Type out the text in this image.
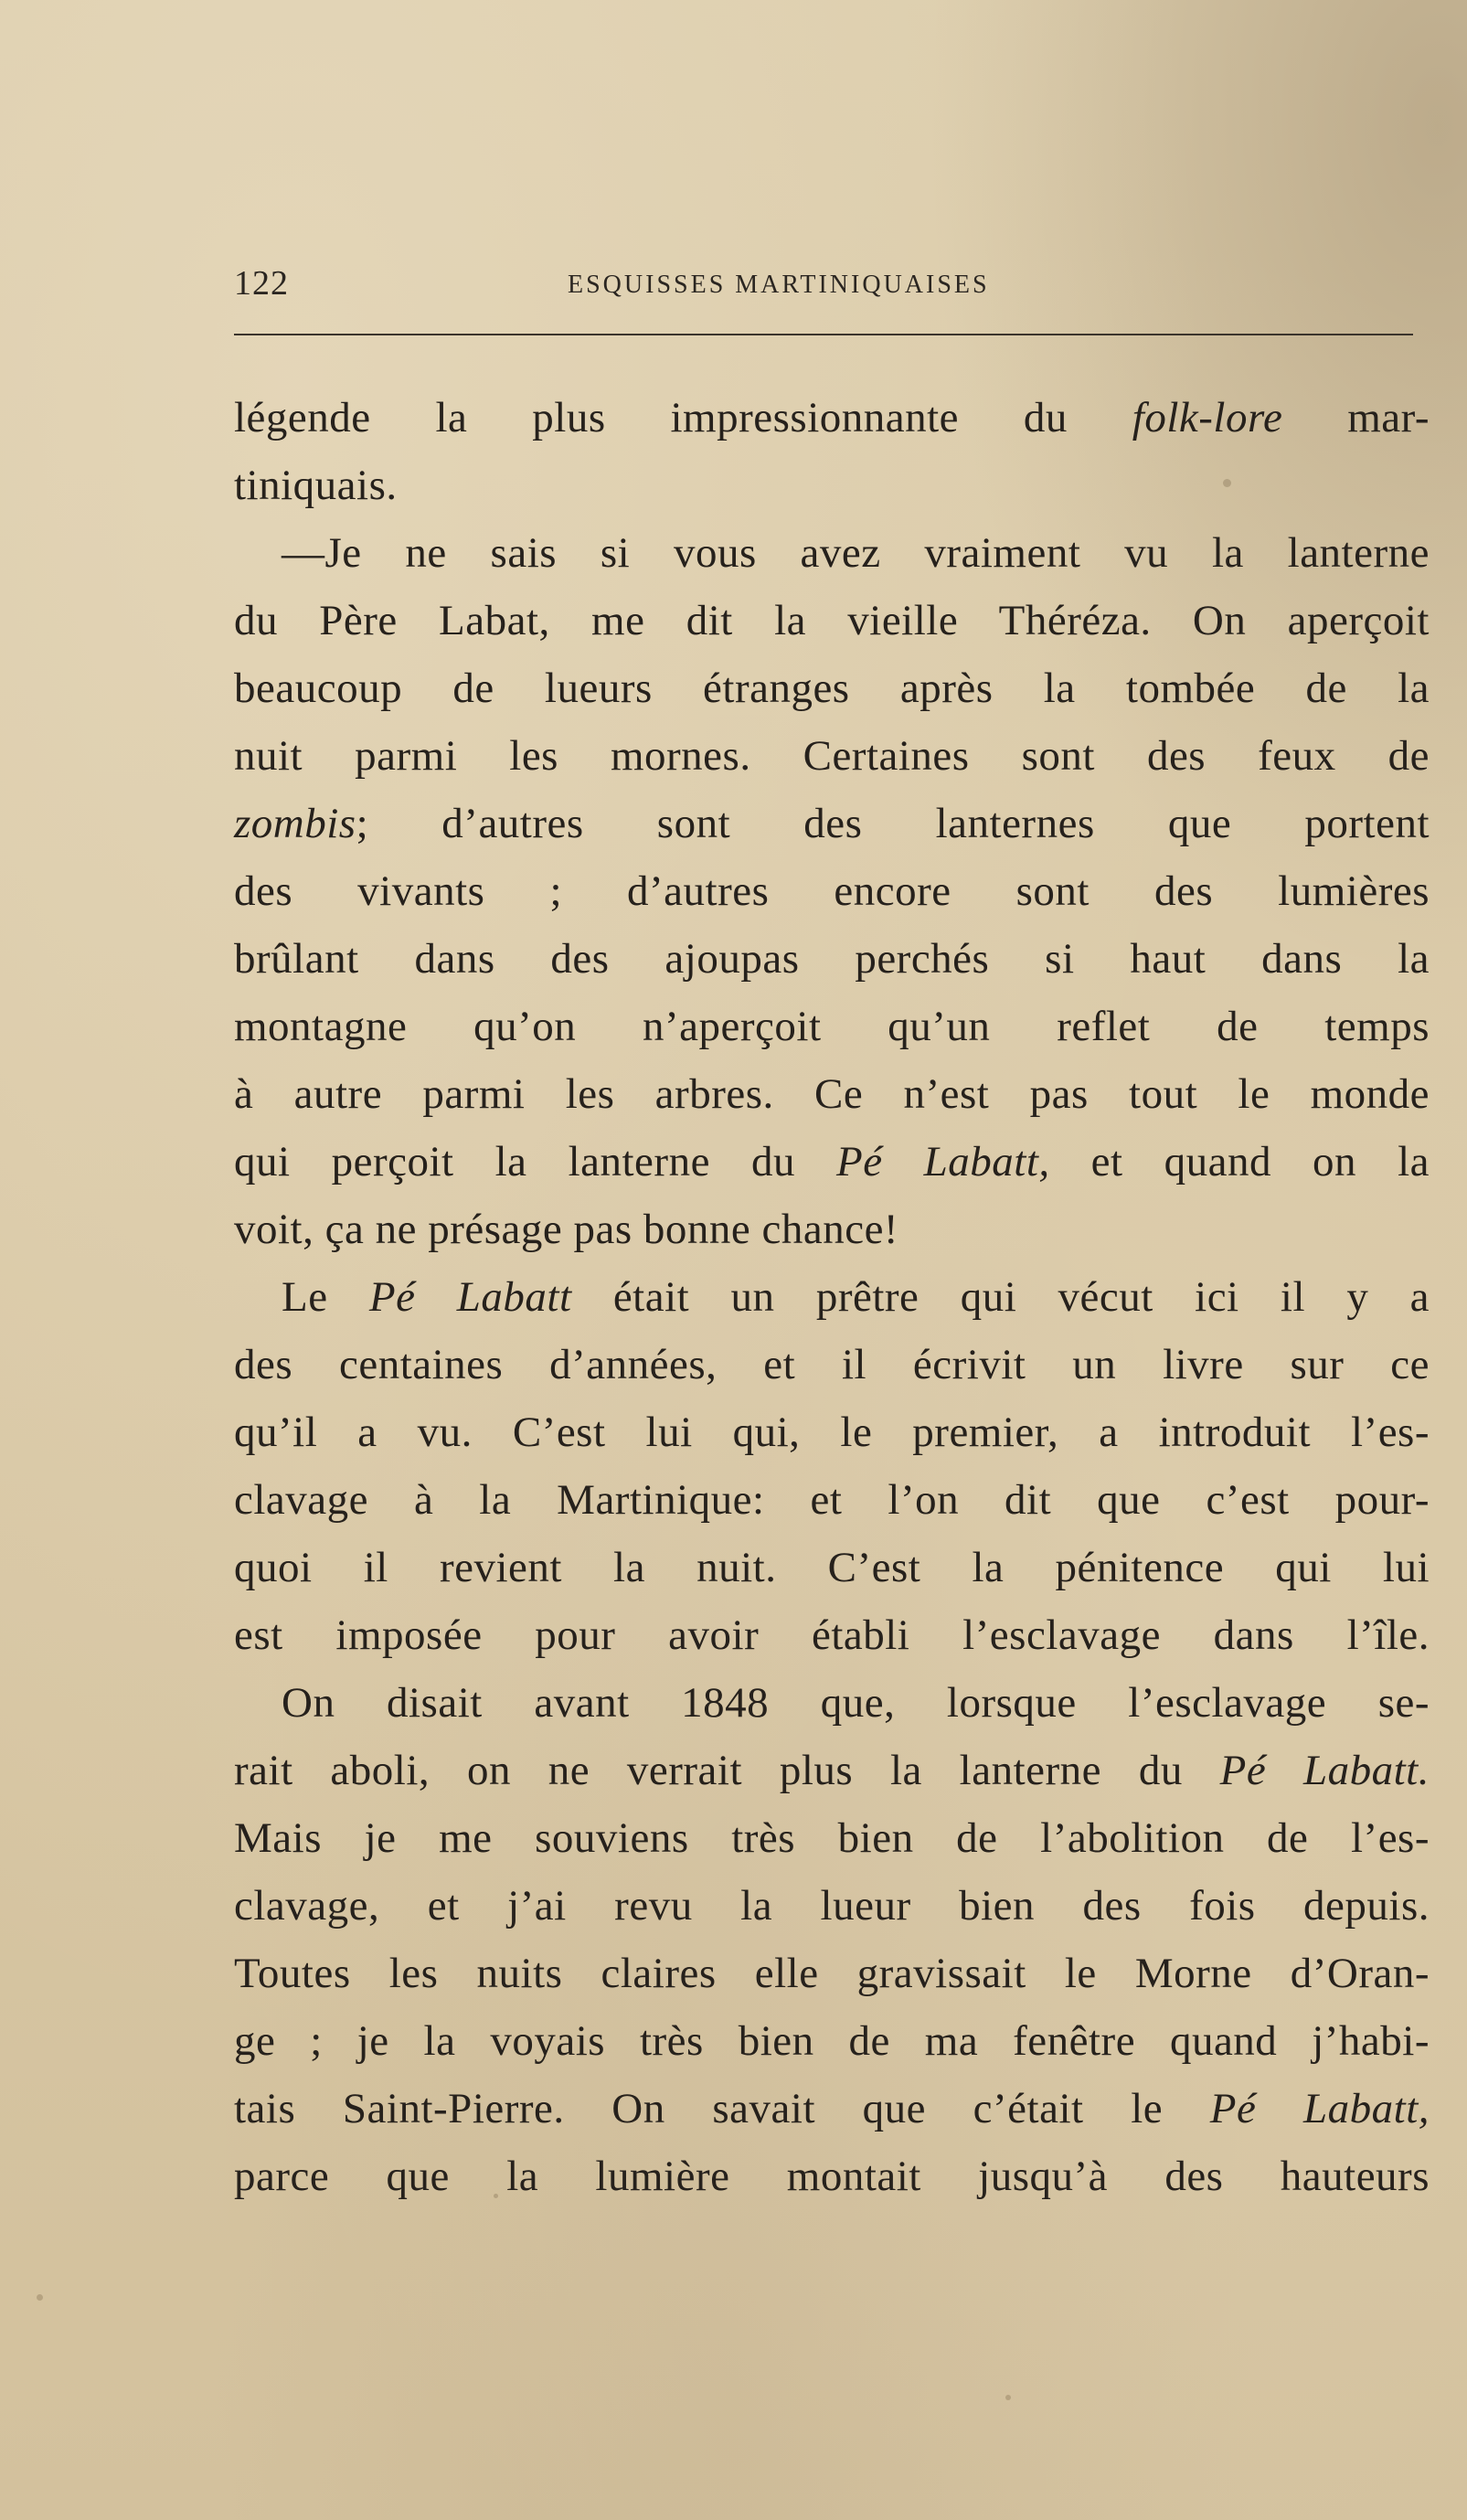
122	ESQUISSES MARTINIQUAISES
légende la plus impressionnante du folk-lore mar-
tiniquais.
—Je ne sais si vous avez vraiment vu la lanterne
du Père Labat, me dit la vieille Théréza. On aperçoit
beaucoup de lueurs étranges après la tombée de la
nuit parmi les mornes. Certaines sont des feux de
zombis; d’autres sont des lanternes que portent
des vivants ; d’autres encore sont des lumières
brûlant dans des ajoupas perchés si haut dans la
montagne qu’on n’aperçoit qu’un reflet de temps
à autre parmi les arbres. Ce n’est pas tout le monde
qui perçoit la lanterne du Pé Labatt, et quand on la
voit, ça ne présage pas bonne chance!
Le Pé Labatt était un prêtre qui vécut ici il y a
des centaines d’années, et il écrivit un livre sur ce
qu’il a vu. C’est lui qui, le premier, a introduit l’es-
clavage à la Martinique: et l’on dit que c’est pour-
quoi il revient la nuit. C’est la pénitence qui lui
est imposée pour avoir établi l’esclavage dans l’île.
On disait avant 1848 que, lorsque l’esclavage se-
rait aboli, on ne verrait plus la lanterne du Pé Labatt.
Mais je me souviens très bien de l’abolition de l’es-
clavage, et j’ai revu la lueur bien des fois depuis.
Toutes les nuits claires elle gravissait le Morne d’Oran-
ge ; je la voyais très bien de ma fenêtre quand j’habi-
tais Saint-Pierre. On savait que c’était le Pé Labatt,
parce que la lumière montait jusqu’à des hauteurs
